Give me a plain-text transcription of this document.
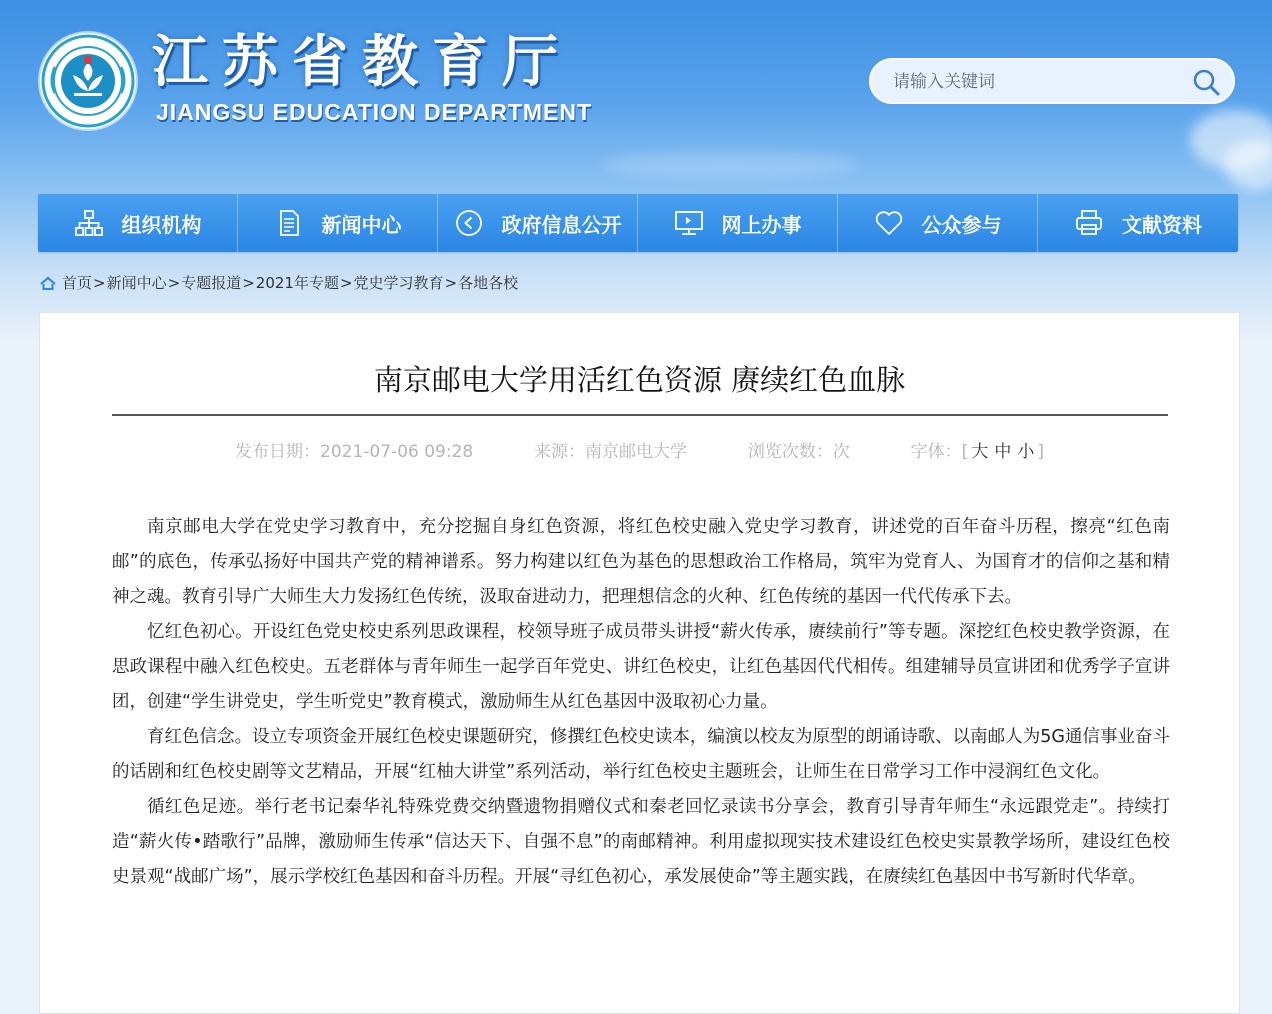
江苏省教育厅
JIANGSU EDUCATION DEPARTMENT
请输入关键词
组织机构	新闻中心	政府信息公开	网上办事	公众参与	文献资料
首页 > 新闻中心 > 专题报道 > 2021年专题 > 党史学习教育 > 各地各校
南京邮电大学用活红色资源 赓续红色血脉
发布日期：2021-07-06 09:28	来源：南京邮电大学	浏览次数：次	字体：[ 大 中 小 ]

南京邮电大学在党史学习教育中，充分挖掘自身红色资源，将红色校史融入党史学习教育，讲述党的百年奋斗历程，擦亮“红色南邮”的底色，传承弘扬好中国共产党的精神谱系。努力构建以红色为基色的思想政治工作格局，筑牢为党育人、为国育才的信仰之基和精神之魂。教育引导广大师生大力发扬红色传统，汲取奋进动力，把理想信念的火种、红色传统的基因一代代传承下去。

忆红色初心。开设红色党史校史系列思政课程，校领导班子成员带头讲授“薪火传承，赓续前行”等专题。深挖红色校史教学资源，在思政课程中融入红色校史。五老群体与青年师生一起学百年党史、讲红色校史，让红色基因代代相传。组建辅导员宣讲团和优秀学子宣讲团，创建“学生讲党史，学生听党史”教育模式，激励师生从红色基因中汲取初心力量。

育红色信念。设立专项资金开展红色校史课题研究，修撰红色校史读本，编演以校友为原型的朗诵诗歌、以南邮人为5G通信事业奋斗的话剧和红色校史剧等文艺精品，开展“红柚大讲堂”系列活动，举行红色校史主题班会，让师生在日常学习工作中浸润红色文化。

循红色足迹。举行老书记秦华礼特殊党费交纳暨遗物捐赠仪式和秦老回忆录读书分享会，教育引导青年师生“永远跟党走”。持续打造“薪火传•踏歌行”品牌，激励师生传承“信达天下、自强不息”的南邮精神。利用虚拟现实技术建设红色校史实景教学场所，建设红色校史景观“战邮广场”，展示学校红色基因和奋斗历程。开展“寻红色初心，承发展使命”等主题实践，在赓续红色基因中书写新时代华章。
